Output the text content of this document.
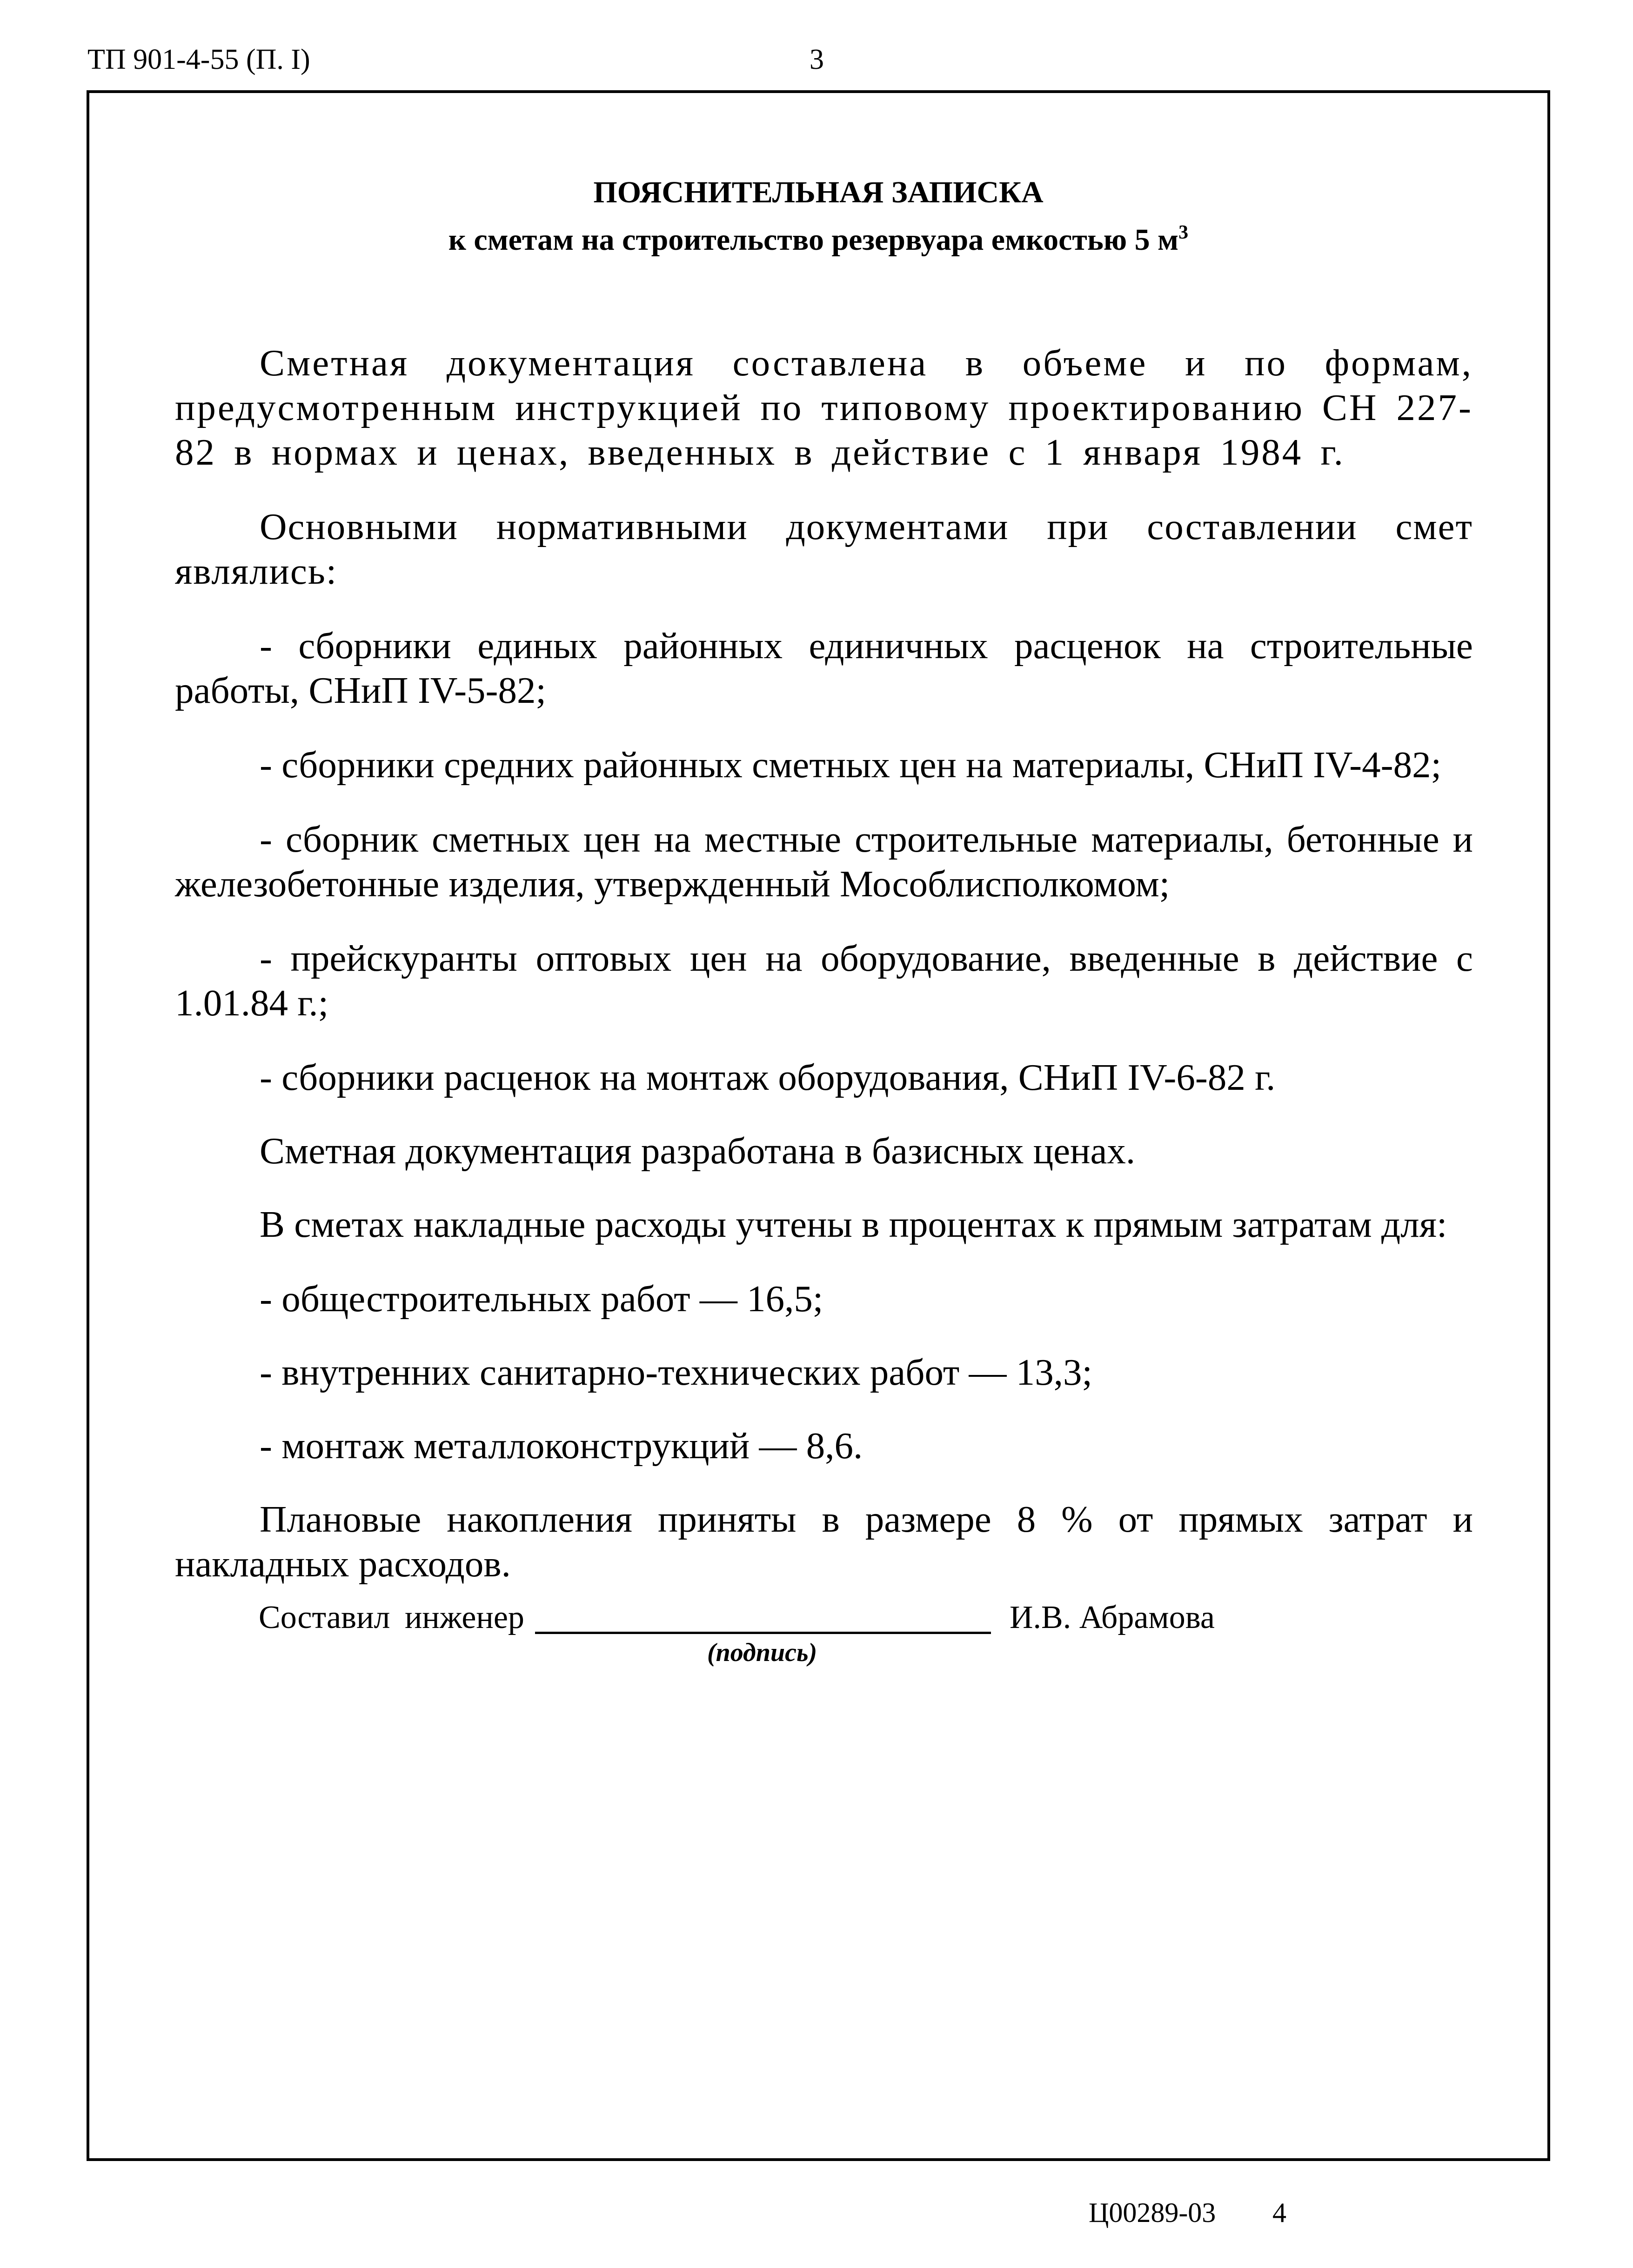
ТП 901-4-55 (П. I)	3
ПОЯСНИТЕЛЬНАЯ ЗАПИСКА
к сметам на строительство резервуара емкостью 5 $м^3$

Сметная документация составлена в объеме и по формам, предусмотренным инструкцией по типовому проектированию СН 227-82 в нормах и ценах, введенных в действие с 1 января 1984 г.

Основными нормативными документами при составлении смет являлись:

- сборники единых районных единичных расценок на строительные работы, СНиП IV-5-82;

- сборники средних районных сметных цен на материалы, СНиП IV-4-82;

- сборник сметных цен на местные строительные материалы, бетонные и железобетонные изделия, утвержденный Мособлисполкомом;

- прейскуранты оптовых цен на оборудование, введенные в действие с 1.01.84 г.;

- сборники расценок на монтаж оборудования, СНиП IV-6-82 г.

Сметная документация разработана в базисных ценах.

В сметах накладные расходы учтены в процентах к прямым затратам для:

- общестроительных работ — 16,5;

- внутренних санитарно-технических работ — 13,3;

- монтаж металлоконструкций — 8,6.

Плановые накопления приняты в размере 8 % от прямых затрат и накладных расходов.

Составил инженер
(подпись)
И.В. Абрамова
Ц00289-03 4
